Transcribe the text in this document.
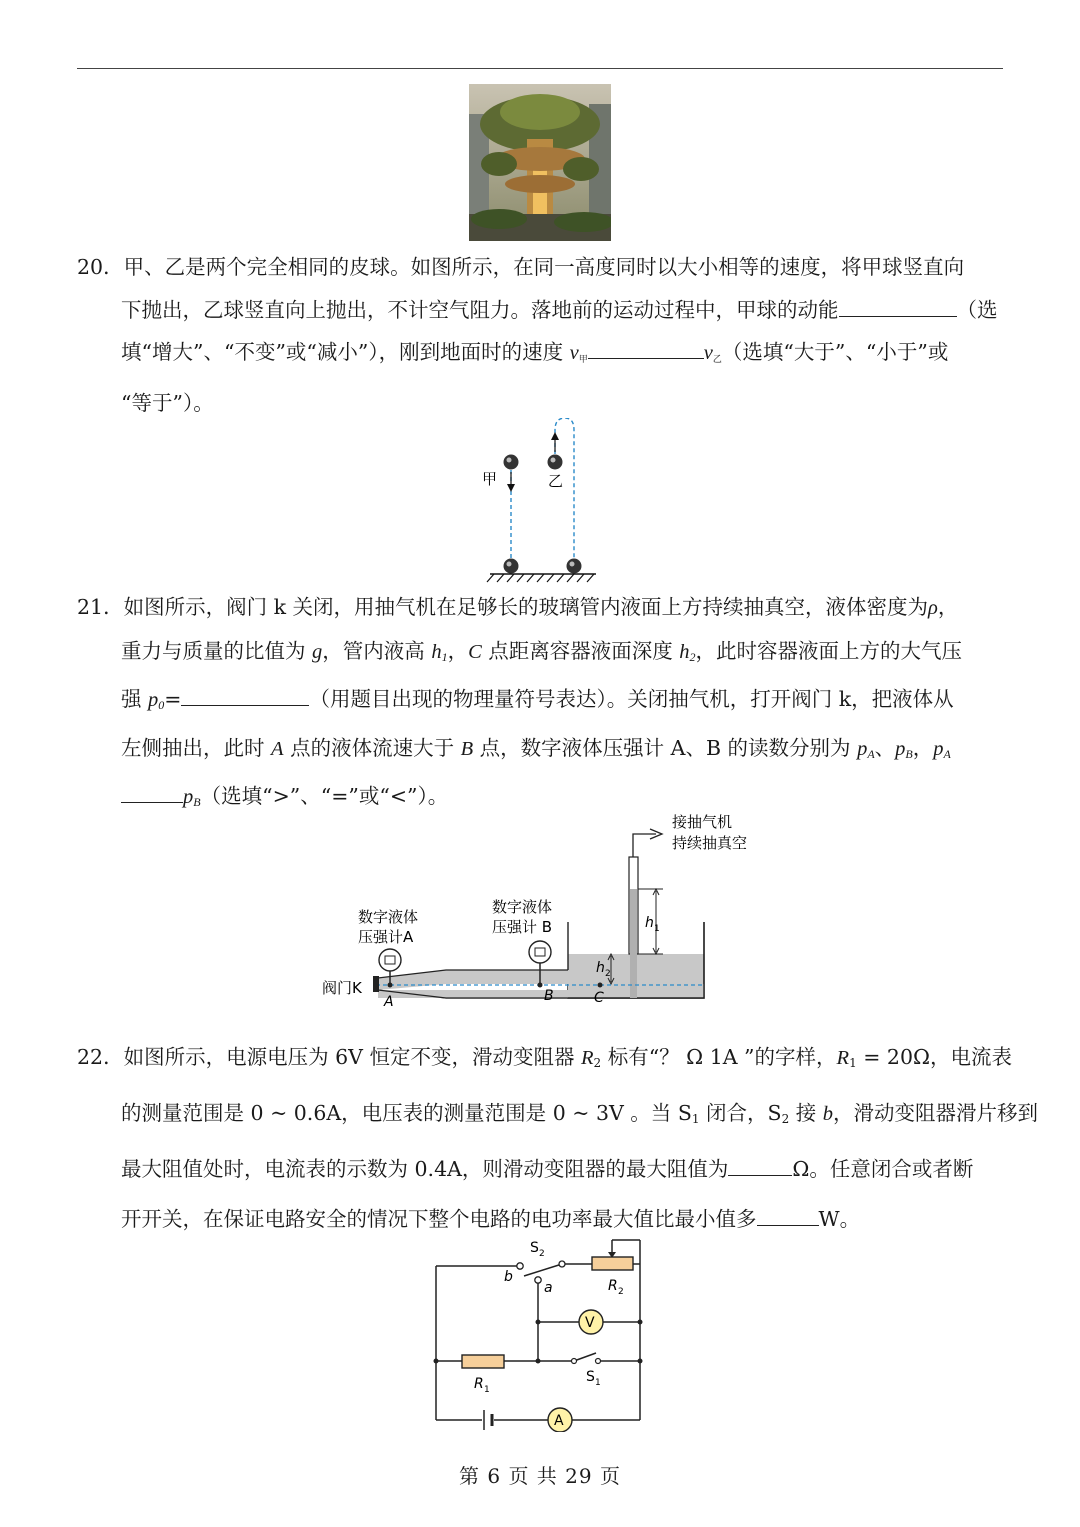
20．甲、乙是两个完全相同的皮球。如图所示，在同一高度同时以大小相等的速度，将甲球竖直向
下抛出，乙球竖直向上抛出，不计空气阻力。落地前的运动过程中，甲球的动能	（选
填“增大”、“不变”或“减小”），刚到地面时的速度 $v_甲$	$v_乙$（选填“大于”、“小于”或
“等于”）。
甲	乙
21．如图所示，阀门 k 关闭，用抽气机在足够长的玻璃管内液面上方持续抽真空，液体密度为ρ，
重力与质量的比值为 g，管内液高 $h_1$，C 点距离容器液面深度 $h_2$，此时容器液面上方的大气压
强 $p_0=$	（用题目出现的物理量符号表达）。关闭抽气机，打开阀门 k，把液体从
左侧抽出，此时 A 点的液体流速大于 B 点，数字液体压强计 A、B 的读数分别为 $p_A$、$p_B$，$p_A$
$p_B$（选填“>”、“=”或“<”）。
接抽气机
持续抽真空
h 1
h 2
阀门K
数字液体
压强计A
A
数字液体
压强计 B
B	C
22．如图所示，电源电压为 6V 恒定不变，滑动变阻器 $R_2$ 标有“？ Ω 1A ”的字样，$R_1 = 20\Omega$，电流表
的测量范围是 0 ~ 0.6A，电压表的测量范围是 0 ~ 3V 。当 $S_1$ 闭合，$S_2$ 接 b，滑动变阻器滑片移到
最大阻值处时，电流表的示数为 0.4A，则滑动变阻器的最大阻值为	Ω。任意闭合或者断
开开关，在保证电路安全的情况下整个电路的电功率最大值比最小值多	W。
R 2
S 2
b
a
V
R 1
S 1
A
第 6 页 共 29 页
